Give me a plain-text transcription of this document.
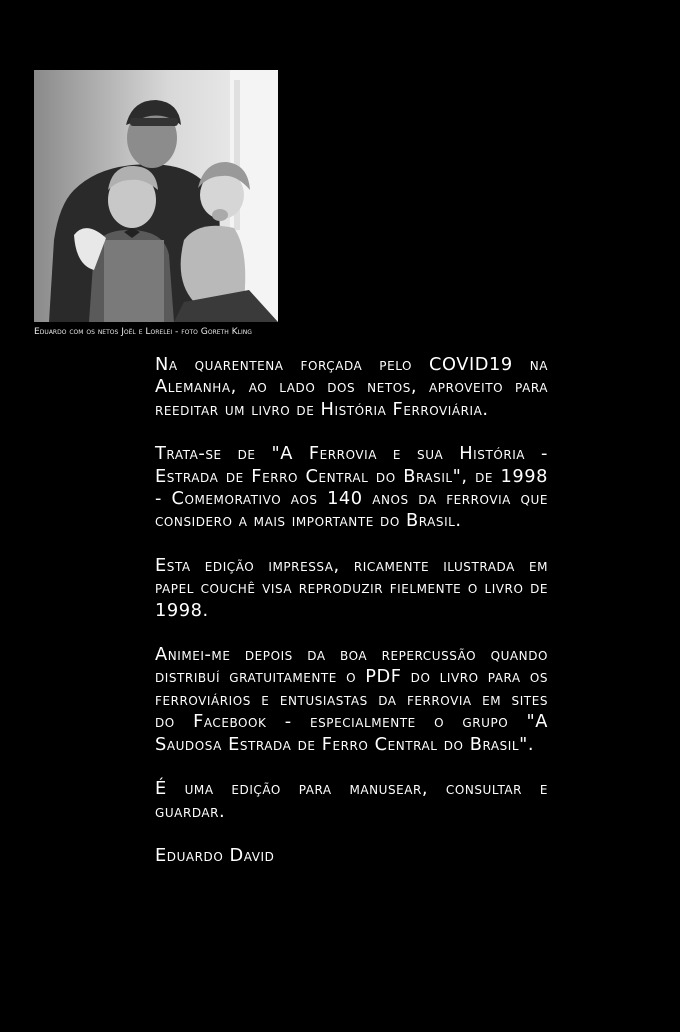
Eduardo com os netos Joël e Lorelei - foto Goreth Kling

Na quarentena forçada pelo COVID19 na Alemanha, ao lado dos netos, aproveito para reeditar um livro de História Ferroviária.

Trata-se de "A Ferrovia e sua História - Estrada de Ferro Central do Brasil", de 1998 - Comemorativo aos 140 anos da ferrovia que considero a mais importante do Brasil.

Esta edição impressa, ricamente ilustrada em papel couchê visa reproduzir fielmente o livro de 1998.

Animei-me depois da boa repercussão quando distribuí gratuitamente o PDF do livro para os ferroviários e entusiastas da ferrovia em sites do Facebook - especialmente o grupo "A Saudosa Estrada de Ferro Central do Brasil".

É uma edição para manusear, consultar e guardar.

Eduardo David
